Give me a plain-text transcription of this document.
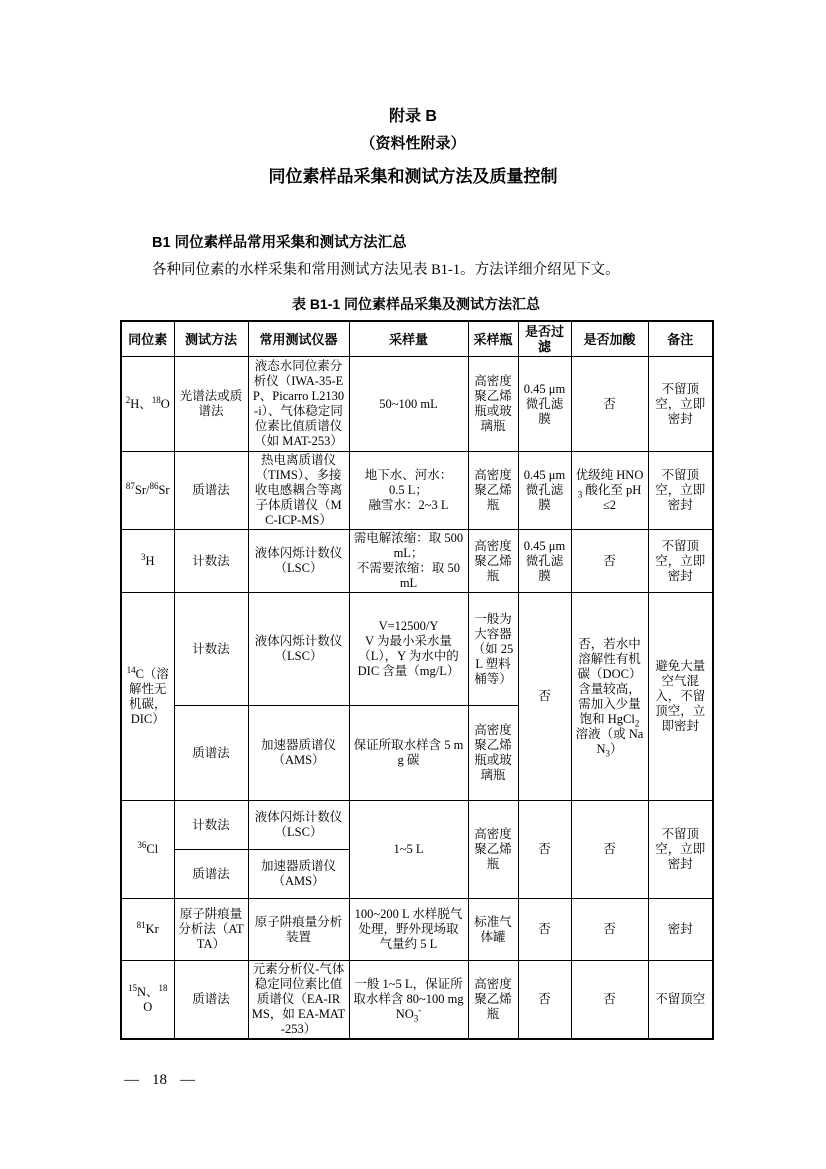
附录 B
（资料性附录）
同位素样品采集和测试方法及质量控制
B1 同位素样品常用采集和测试方法汇总
各种同位素的水样采集和常用测试方法见表 B1-1。方法详细介绍见下文。
表 B1-1 同位素样品采集及测试方法汇总
同位素	测试方法	常用测试仪器	采样量	采样瓶	是否过滤	是否加酸	备注
$^2$H、$^{18}$O	光谱法或质谱法	液态水同位素分析仪（IWA-35-EP、Picarro L2130-i）、气体稳定同位素比值质谱仪（如 MAT-253）	50~100 mL	高密度聚乙烯瓶或玻璃瓶	0.45 μm 微孔滤膜	否	不留顶空，立即密封
$^{87}$Sr/$^{86}$Sr	质谱法	热电离质谱仪（TIMS）、多接收电感耦合等离子体质谱仪（MC-ICP-MS）	地下水、河水：
0.5 L；
融雪水：2~3 L	高密度聚乙烯瓶	0.45 μm 微孔滤膜	优级纯 $HNO_3$ 酸化至 pH≤2	不留顶空，立即密封
$^3$H	计数法	液体闪烁计数仪（LSC）	需电解浓缩：取 500 mL；
不需要浓缩：取 50 mL	高密度聚乙烯瓶	0.45 μm 微孔滤膜	否	不留顶空，立即密封
$^{14}$C（溶解性无机碳，DIC）	计数法	液体闪烁计数仪（LSC）	V=12500/Y
V 为最小采水量（L），Y 为水中的 DIC 含量（mg/L）	一般为大容器（如 25 L 塑料桶等）	否	否，若水中溶解性有机碳（DOC）含量较高，需加入少量饱和 HgCl$_2$ 溶液（或 NaN$_3$）	避免大量空气混入，不留顶空，立即密封
	质谱法	加速器质谱仪（AMS）	保证所取水样含 5 mg 碳	高密度聚乙烯瓶或玻璃瓶			
$^{36}$Cl	计数法	液体闪烁计数仪（LSC）	1~5 L	高密度聚乙烯瓶	否	否	不留顶空，立即密封
	质谱法	加速器质谱仪（AMS）					
$^{81}$Kr	原子阱痕量分析法（ATTA）	原子阱痕量分析装置	100~200 L 水样脱气处理，野外现场取气量约 5 L	标准气体罐	否	否	密封
$^{15}$N、$^{18}$O	质谱法	元素分析仪-气体稳定同位素比值质谱仪（EA-IRMS，如 EA-MAT-253）	一般 1~5 L，保证所取水样含 80~100 mgNO$_3$-	高密度聚乙烯瓶	否	否	不留顶空
— 18 —
